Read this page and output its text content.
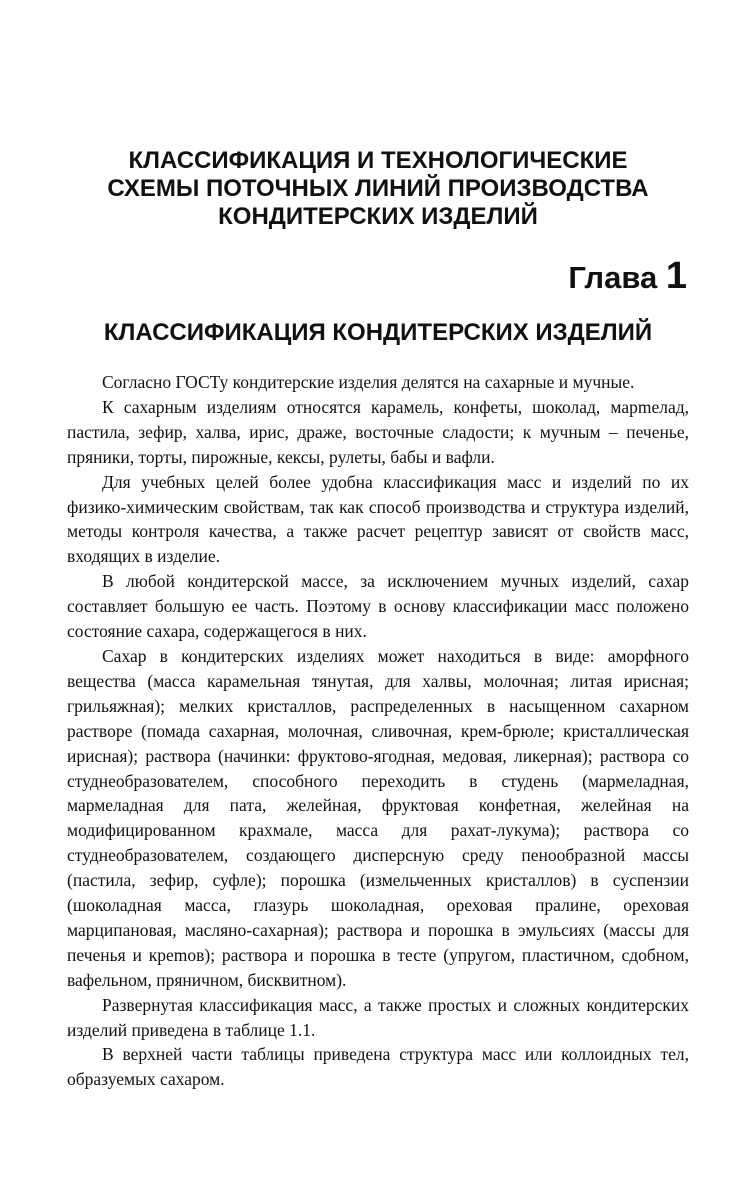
КЛАССИФИКАЦИЯ И ТЕХНОЛОГИЧЕСКИЕ
СХЕМЫ ПОТОЧНЫХ ЛИНИЙ ПРОИЗВОДСТВА
КОНДИТЕРСКИХ ИЗДЕЛИЙ
Глава 1
КЛАССИФИКАЦИЯ КОНДИТЕРСКИХ ИЗДЕЛИЙ

Согласно ГОСТу кондитерские изделия делятся на сахарные и мучные.

К сахарным изделиям относятся карамель, конфеты, шоколад, марmелад, пастила, зефир, халва, ирис, драже, восточные сладости; к мучным – печенье, пряники, торты, пирожные, кексы, рулеты, бабы и вафли.

Для учебных целей более удобна классификация масс и изделий по их физико-химическим свойствам, так как способ производства и структура изделий, методы контроля качества, а также расчет рецептур зависят от свойств масс, входящих в изделие.

В любой кондитерской массе, за исключением мучных изделий, сахар составляет большую ее часть. Поэтому в основу классификации масс положено состояние сахара, содержащегося в них.

Сахар в кондитерских изделиях может находиться в виде: аморфного вещества (масса карамельная тянутая, для халвы, молочная; литая ирисная; грильяжная); мелких кристаллов, распределенных в насыщенном сахарном растворе (помада сахарная, молочная, сливочная, крем-брюле; кристаллическая ирисная); раствора (начинки: фруктово-ягодная, медовая, ликерная); раствора со студнеобразователем, способного переходить в студень (мармеладная, мармеладная для пата, желейная, фруктовая конфетная, желейная на модифицированном крахмале, масса для рахат-лукума); раствора со студнеобразователем, создающего дисперсную среду пенообразной массы (пастила, зефир, суфле); порошка (измельченных кристаллов) в суспензии (шоколадная масса, глазурь шоколадная, ореховая пралине, ореховая марципановая, масляно-сахарная); раствора и порошка в эмульсиях (массы для печенья и креmов); раствора и порошка в тесте (упругом, пластичном, сдобном, вафельном, пряничном, бисквитном).

Развернутая классификация масс, а также простых и сложных кондитерских изделий приведена в таблице 1.1.

В верхней части таблицы приведена структура масс или коллоидных тел, образуемых сахаром.
